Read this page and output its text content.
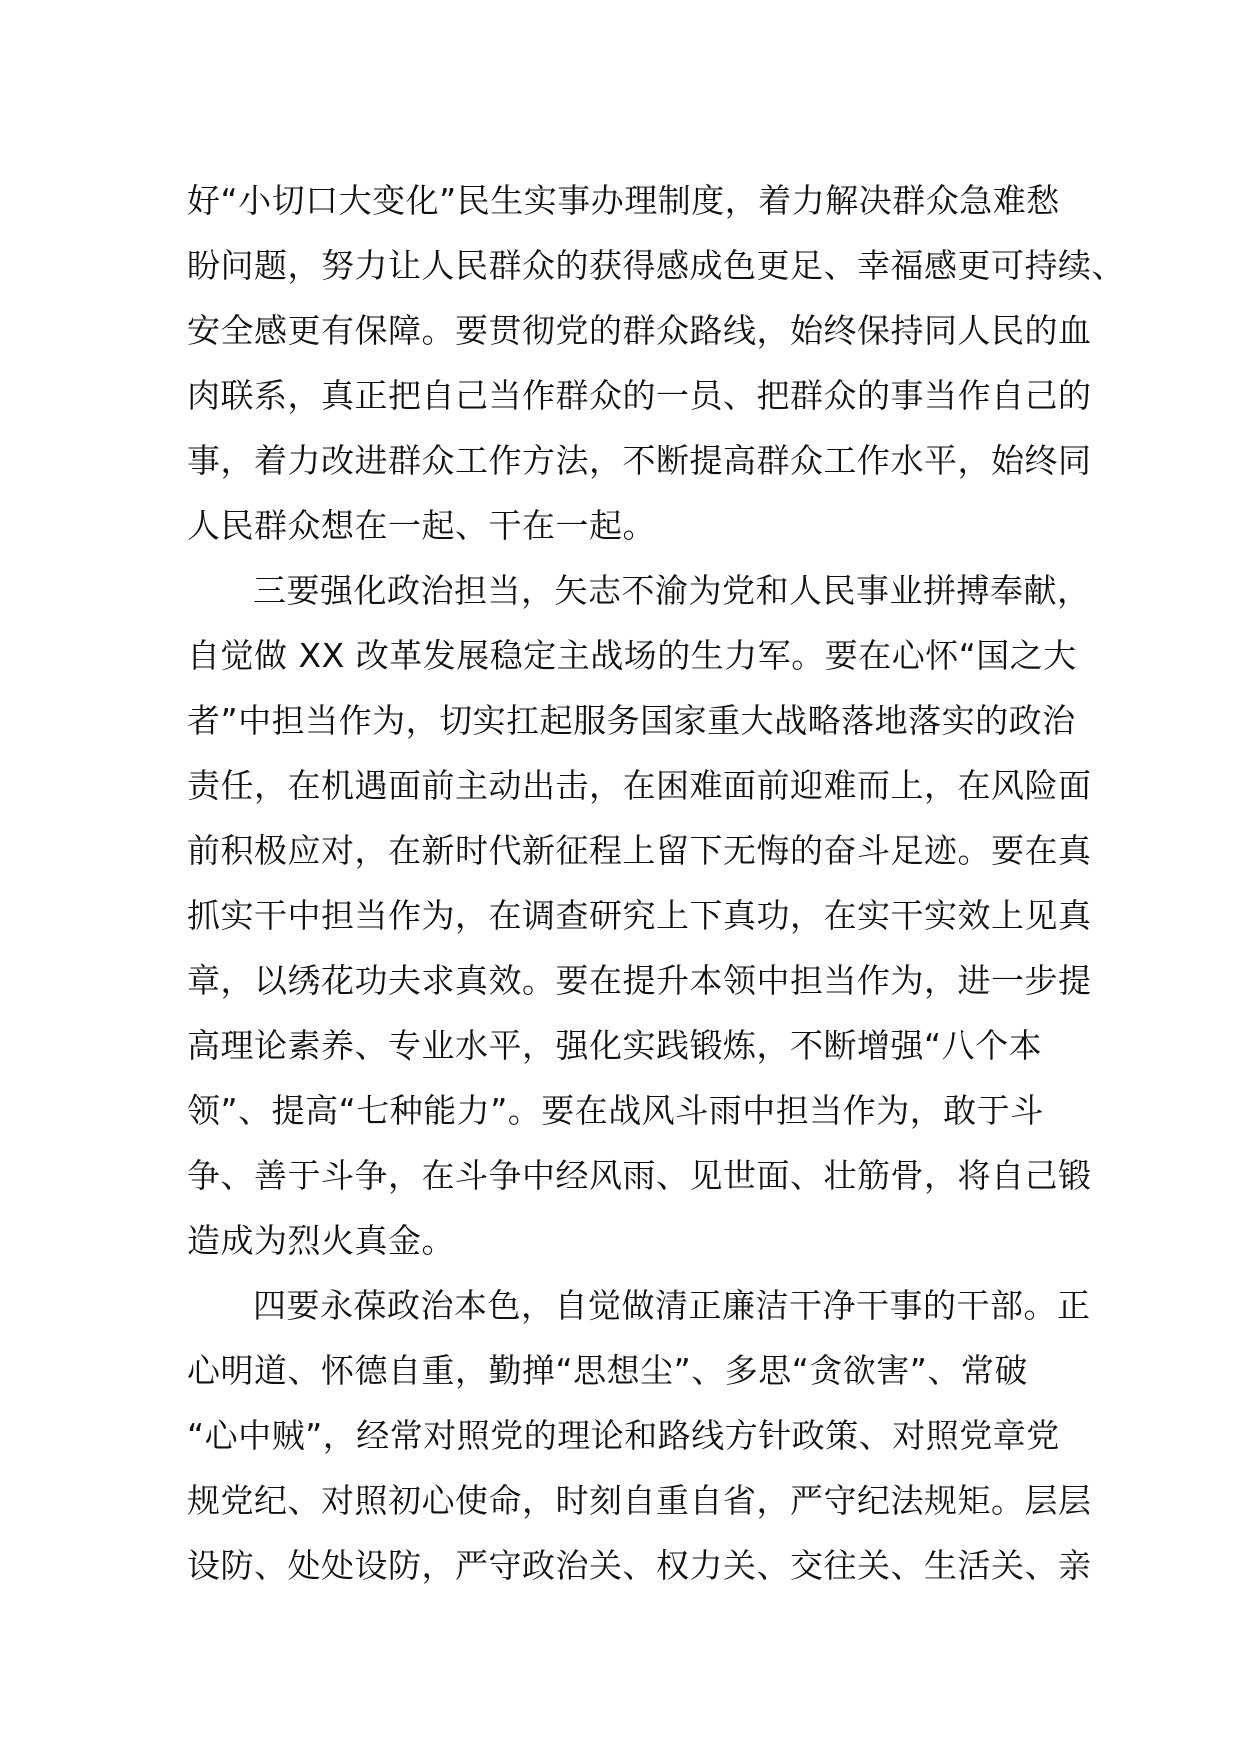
好“小切口大变化”民生实事办理制度，着力解决群众急难愁
盼问题，努力让人民群众的获得感成色更足、幸福感更可持续、
安全感更有保障。要贯彻党的群众路线，始终保持同人民的血
肉联系，真正把自己当作群众的一员、把群众的事当作自己的
事，着力改进群众工作方法，不断提高群众工作水平，始终同
人民群众想在一起、干在一起。
三要强化政治担当，矢志不渝为党和人民事业拼搏奉献，
自觉做 XX 改革发展稳定主战场的生力军。要在心怀“国之大
者”中担当作为，切实扛起服务国家重大战略落地落实的政治
责任，在机遇面前主动出击，在困难面前迎难而上，在风险面
前积极应对，在新时代新征程上留下无悔的奋斗足迹。要在真
抓实干中担当作为，在调查研究上下真功，在实干实效上见真
章，以绣花功夫求真效。要在提升本领中担当作为，进一步提
高理论素养、专业水平，强化实践锻炼，不断增强“八个本
领”、提高“七种能力”。要在战风斗雨中担当作为，敢于斗
争、善于斗争，在斗争中经风雨、见世面、壮筋骨，将自己锻
造成为烈火真金。
四要永葆政治本色，自觉做清正廉洁干净干事的干部。正
心明道、怀德自重，勤掸“思想尘”、多思“贪欲害”、常破
“心中贼”，经常对照党的理论和路线方针政策、对照党章党
规党纪、对照初心使命，时刻自重自省，严守纪法规矩。层层
设防、处处设防，严守政治关、权力关、交往关、生活关、亲
